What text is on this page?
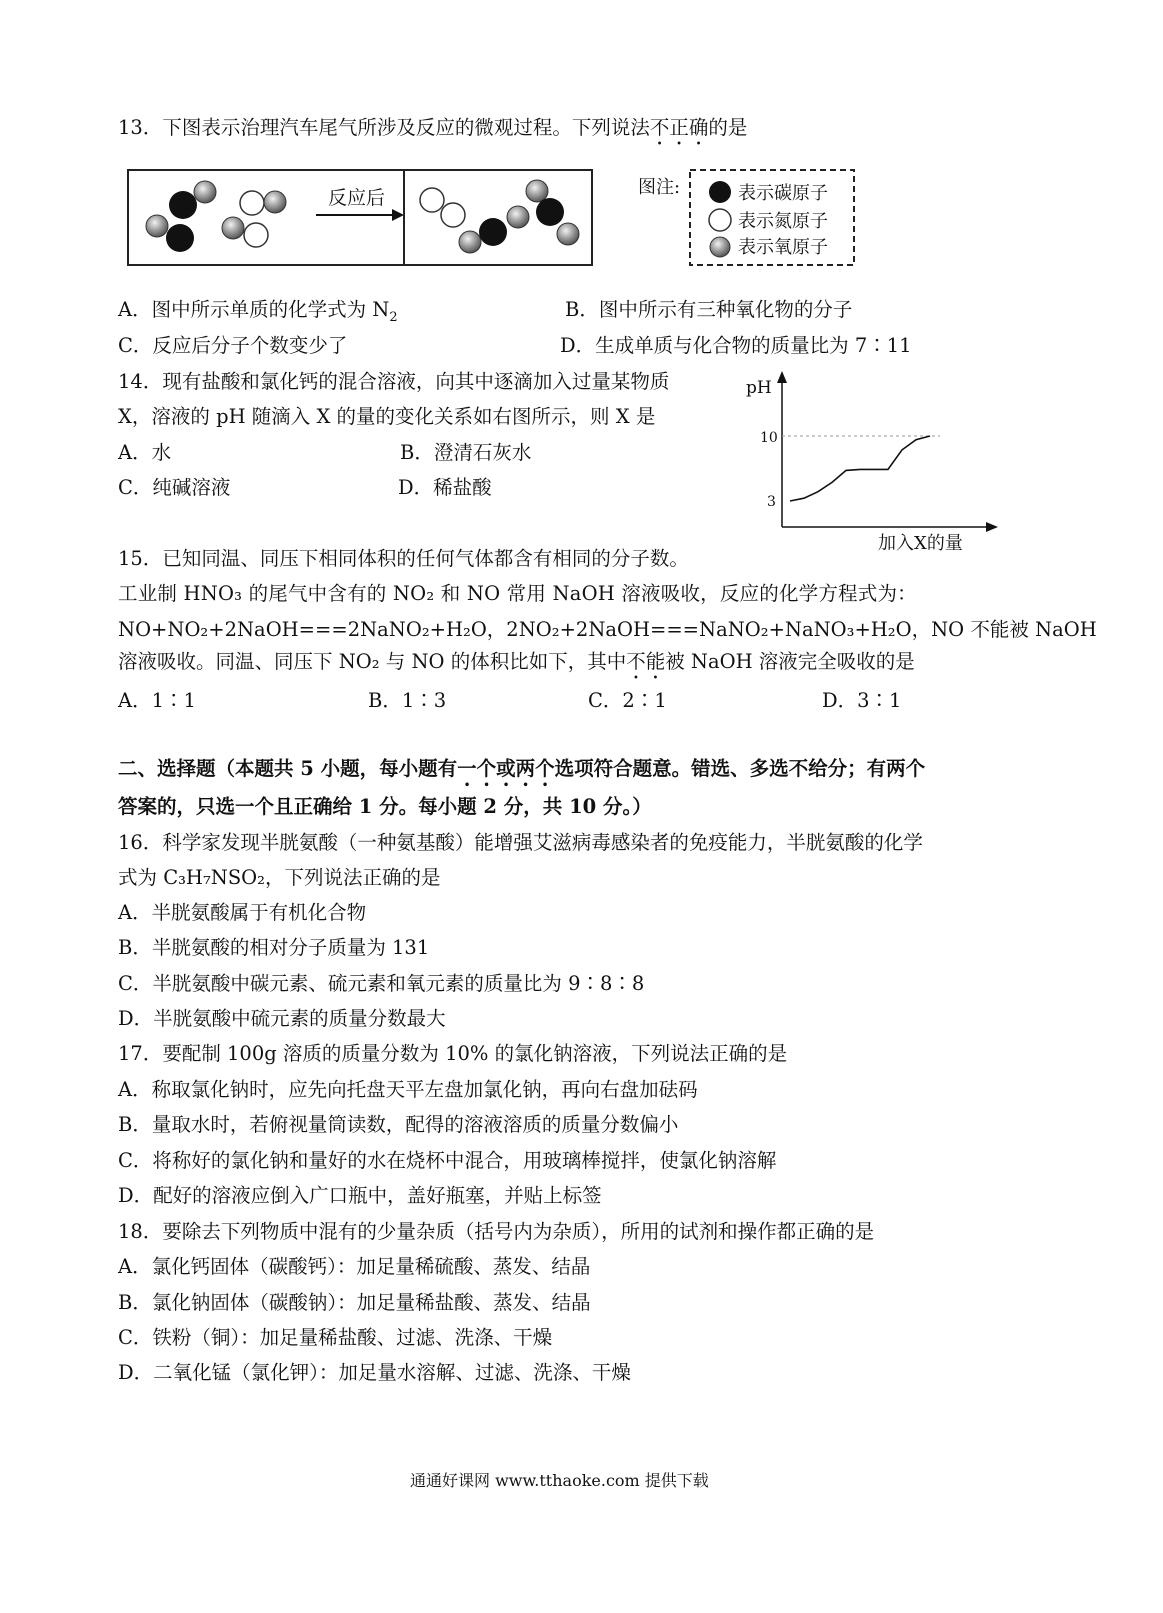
13．下图表示治理汽车尾气所涉及反应的微观过程。下列说法不正确的是
反应后	图注:	表示碳原子
表示氮原子
表示氧原子
A．图中所示单质的化学式为 $N_2$	B．图中所示有三种氧化物的分子
C．反应后分子个数变少了	D．生成单质与化合物的质量比为 7∶11
14．现有盐酸和氯化钙的混合溶液，向其中逐滴加入过量某物质
X，溶液的 pH 随滴入 X 的量的变化关系如右图所示，则 X 是
A．水	B．澄清石灰水
C．纯碱溶液	D．稀盐酸
pH
10
3
加入X的量
15．已知同温、同压下相同体积的任何气体都含有相同的分子数。
工业制 HNO₃ 的尾气中含有的 NO₂ 和 NO 常用 NaOH 溶液吸收，反应的化学方程式为：
NO+NO₂+2NaOH===2NaNO₂+H₂O，2NO₂+2NaOH===NaNO₂+NaNO₃+H₂O，NO 不能被 NaOH
溶液吸收。同温、同压下 NO₂ 与 NO 的体积比如下，其中不能被 NaOH 溶液完全吸收的是
A．1∶1	B．1∶3	C．2∶1	D．3∶1
二、选择题（本题共 5 小题，每小题有一个或两个选项符合题意。错选、多选不给分；有两个
答案的，只选一个且正确给 1 分。每小题 2 分，共 10 分。）
16．科学家发现半胱氨酸（一种氨基酸）能增强艾滋病毒感染者的免疫能力，半胱氨酸的化学
式为 C₃H₇NSO₂，下列说法正确的是
A．半胱氨酸属于有机化合物
B．半胱氨酸的相对分子质量为 131
C．半胱氨酸中碳元素、硫元素和氧元素的质量比为 9∶8∶8
D．半胱氨酸中硫元素的质量分数最大
17．要配制 100g 溶质的质量分数为 10% 的氯化钠溶液，下列说法正确的是
A．称取氯化钠时，应先向托盘天平左盘加氯化钠，再向右盘加砝码
B．量取水时，若俯视量筒读数，配得的溶液溶质的质量分数偏小
C．将称好的氯化钠和量好的水在烧杯中混合，用玻璃棒搅拌，使氯化钠溶解
D．配好的溶液应倒入广口瓶中，盖好瓶塞，并贴上标签
18．要除去下列物质中混有的少量杂质（括号内为杂质），所用的试剂和操作都正确的是
A．氯化钙固体（碳酸钙）：加足量稀硫酸、蒸发、结晶
B．氯化钠固体（碳酸钠）：加足量稀盐酸、蒸发、结晶
C．铁粉（铜）：加足量稀盐酸、过滤、洗涤、干燥
D．二氧化锰（氯化钾）：加足量水溶解、过滤、洗涤、干燥
通通好课网 www.tthaoke.com 提供下载
